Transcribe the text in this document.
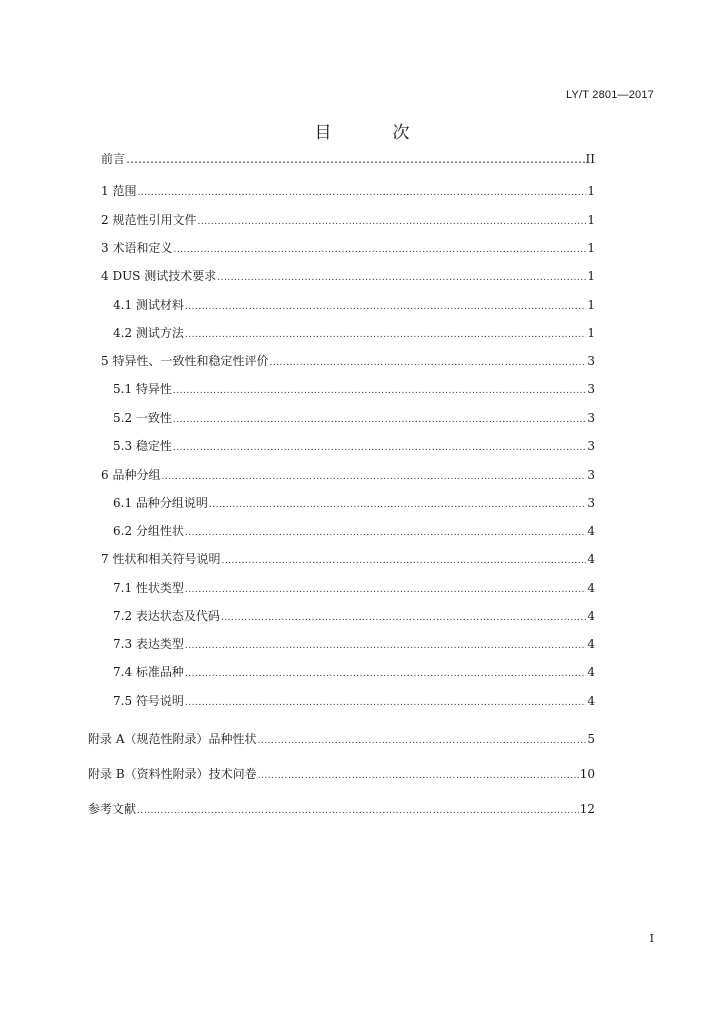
LY/T 2801—2017
目　次
前言 …………………………………………………………………………………………………………………………………………………………	II
1 范围 .....	1
2 规范性引用文件 .....	1
3 术语和定义 .....	1
4 DUS 测试技术要求 .....	1
4.1 测试材料 .....	1
4.2 测试方法 .....	1
5 特异性、一致性和稳定性评价 .....	3
5.1 特异性 .....	3
5.2 一致性 .....	3
5.3 稳定性 .....	3
6 品种分组 .....	3
6.1 品种分组说明 .....	3
6.2 分组性状 .....	4
7 性状和相关符号说明 .....	4
7.1 性状类型 .....	4
7.2 表达状态及代码 .....	4
7.3 表达类型 .....	4
7.4 标准品种 .....	4
7.5 符号说明 .....	4
附录 A（规范性附录）品种性状 .....	5
附录 B（资料性附录）技术问卷 .....	10
参考文献 .....	12
I
